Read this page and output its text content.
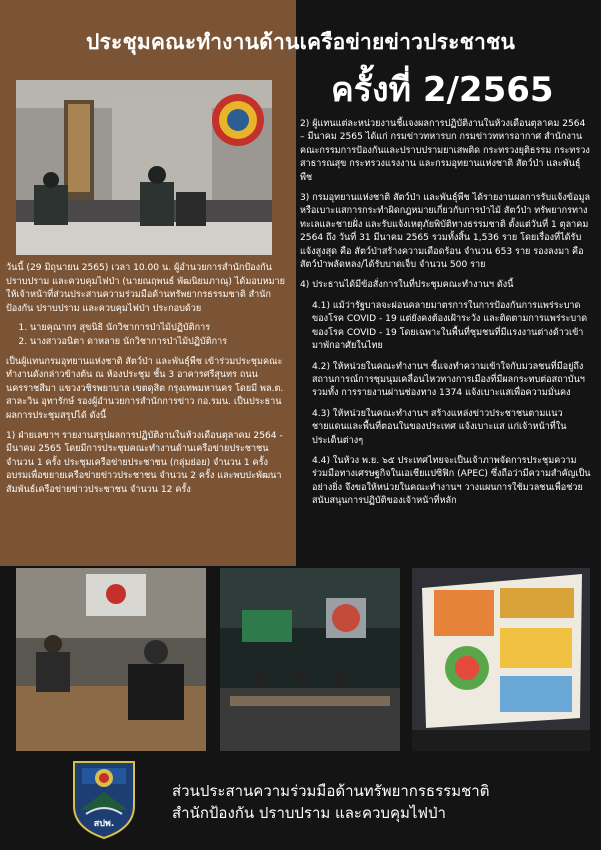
ประชุมคณะทำงานด้านเครือข่ายข่าวประชาชน
ครั้งที่ 2/2565

วันนี้ (29 มิถุนายน 2565) เวลา 10.00 น. ผู้อำนวยการสำนักป้องกัน ปราบปราม และควบคุมไฟป่า (นายณฤพนธ์ พัฒนิยมภาณุ) ได้มอบหมายให้เจ้าหน้าที่ส่วนประสานความร่วมมือด้านทรัพยากรธรรมชาติ สำนักป้องกัน ปราบปราม และควบคุมไฟป่า ประกอบด้วย

1. นายคุณากร สุขนิธิ นักวิชาการป่าไม้ปฏิบัติการ
2. นางสาวอนิตา ดาหลาย นักวิชาการป่าไม้ปฏิบัติการ

เป็นผู้แทนกรมอุทยานแห่งชาติ สัตว์ป่า และพันธุ์พืช เข้าร่วมประชุมคณะทำงานดังกล่าวข้างต้น ณ ห้องประชุม ชั้น 3 อาคารศรีสุนทร ถนนนครราชสีมา แขวงวชิรพยาบาล เขตดุสิต กรุงเทพมหานคร โดยมี พล.ต. สาละวิน อุทารักษ์ รองผู้อำนวยการสำนักการข่าว กอ.รมน. เป็นประธาน ผลการประชุมสรุปได้ ดังนี้

1) ฝ่ายเลขาฯ รายงานสรุปผลการปฏิบัติงานในห้วงเดือนตุลาคม 2564 - มีนาคม 2565 โดยมีการประชุมคณะทำงานด้านเครือข่ายประชาชน จำนวน 1 ครั้ง ประชุมเครือข่ายประชาชน (กลุ่มย่อย) จำนวน 1 ครั้ง อบรมเพื่อขยายเครือข่ายข่าวประชาชน จำนวน 2 ครั้ง และพบปะพัฒนาสัมพันธ์เครือข่ายข่าวประชาชน จำนวน 12 ครั้ง

2) ผู้แทนแต่ละหน่วยงานชี้แจงผลการปฏิบัติงานในห้วงเดือนตุลาคม 2564 – มีนาคม 2565 ได้แก่ กรมข่าวทหารบก กรมข่าวทหารอากาศ สำนักงานคณะกรรมการป้องกันและปราบปรามยาเสพติด กระทรวงยุติธรรม กระทรวงสาธารณสุข กระทรวงแรงงาน และกรมอุทยานแห่งชาติ สัตว์ป่า และพันธุ์พืช

3) กรมอุทยานแห่งชาติ สัตว์ป่า และพันธุ์พืช ได้รายงานผลการรับแจ้งข้อมูล หรือเบาะแสการกระทำผิดกฎหมายเกี่ยวกับการป่าไม้ สัตว์ป่า ทรัพยากรทางทะเลและชายฝั่ง และรับแจ้งเหตุภัยพิบัติทางธรรมชาติ ตั้งแต่วันที่ 1 ตุลาคม 2564 ถึง วันที่ 31 มีนาคม 2565 รวมทั้งสิ้น 1,536 ราย โดยเรื่องที่ได้รับแจ้งสูงสุด คือ สัตว์ป่าสร้างความเดือดร้อน จำนวน 653 ราย รองลงมา คือ สัตว์ป่าพลัดหลง/ได้รับบาดเจ็บ จำนวน 500 ราย

4) ประธานได้มีข้อสั่งการในที่ประชุมคณะทำงานฯ ดังนี้

4.1) แม้ว่ารัฐบาลจะผ่อนคลายมาตรการในการป้องกันการแพร่ระบาดของโรค COVID - 19 แต่ยังคงต้องเฝ้าระวัง และติดตามการแพร่ระบาดของโรค COVID - 19 โดยเฉพาะในพื้นที่ชุมชนที่มีแรงงานต่างด้าวเข้ามาพักอาศัยในไทย

4.2) ให้หน่วยในคณะทำงานฯ ชี้แจงทำความเข้าใจกับมวลชนที่มีอยู่ถึงสถานการณ์การชุมนุมเคลื่อนไหวทางการเมืองที่มีผลกระทบต่อสถาบันฯ รวมทั้ง การรายงานผ่านช่องทาง 1374 แจ้งเบาะแสเพื่อความมั่นคง

4.3) ให้หน่วยในคณะทำงานฯ สร้างแหล่งข่าวประชาชนตามแนวชายแดนและพื้นที่ตอนในของประเทศ แจ้งเบาะแส แก่เจ้าหน้าที่ในประเด็นต่างๆ

4.4) ในห้วง พ.ย. ๖๕ ประเทศไทยจะเป็นเจ้าภาพจัดการประชุมความร่วมมือทางเศรษฐกิจในเอเชียแปซิฟิก (APEC) ซึ่งถือว่ามีความสำคัญเป็นอย่างยิ่ง จึงขอให้หน่วยในคณะทำงานฯ วางแผนการใช้มวลชนเพื่อช่วยสนับสนุนการปฏิบัติของเจ้าหน้าที่หลัก

สปพ.
ส่วนประสานความร่วมมือด้านทรัพยากรธรรมชาติ
สำนักป้องกัน ปราบปราม และควบคุมไฟป่า
